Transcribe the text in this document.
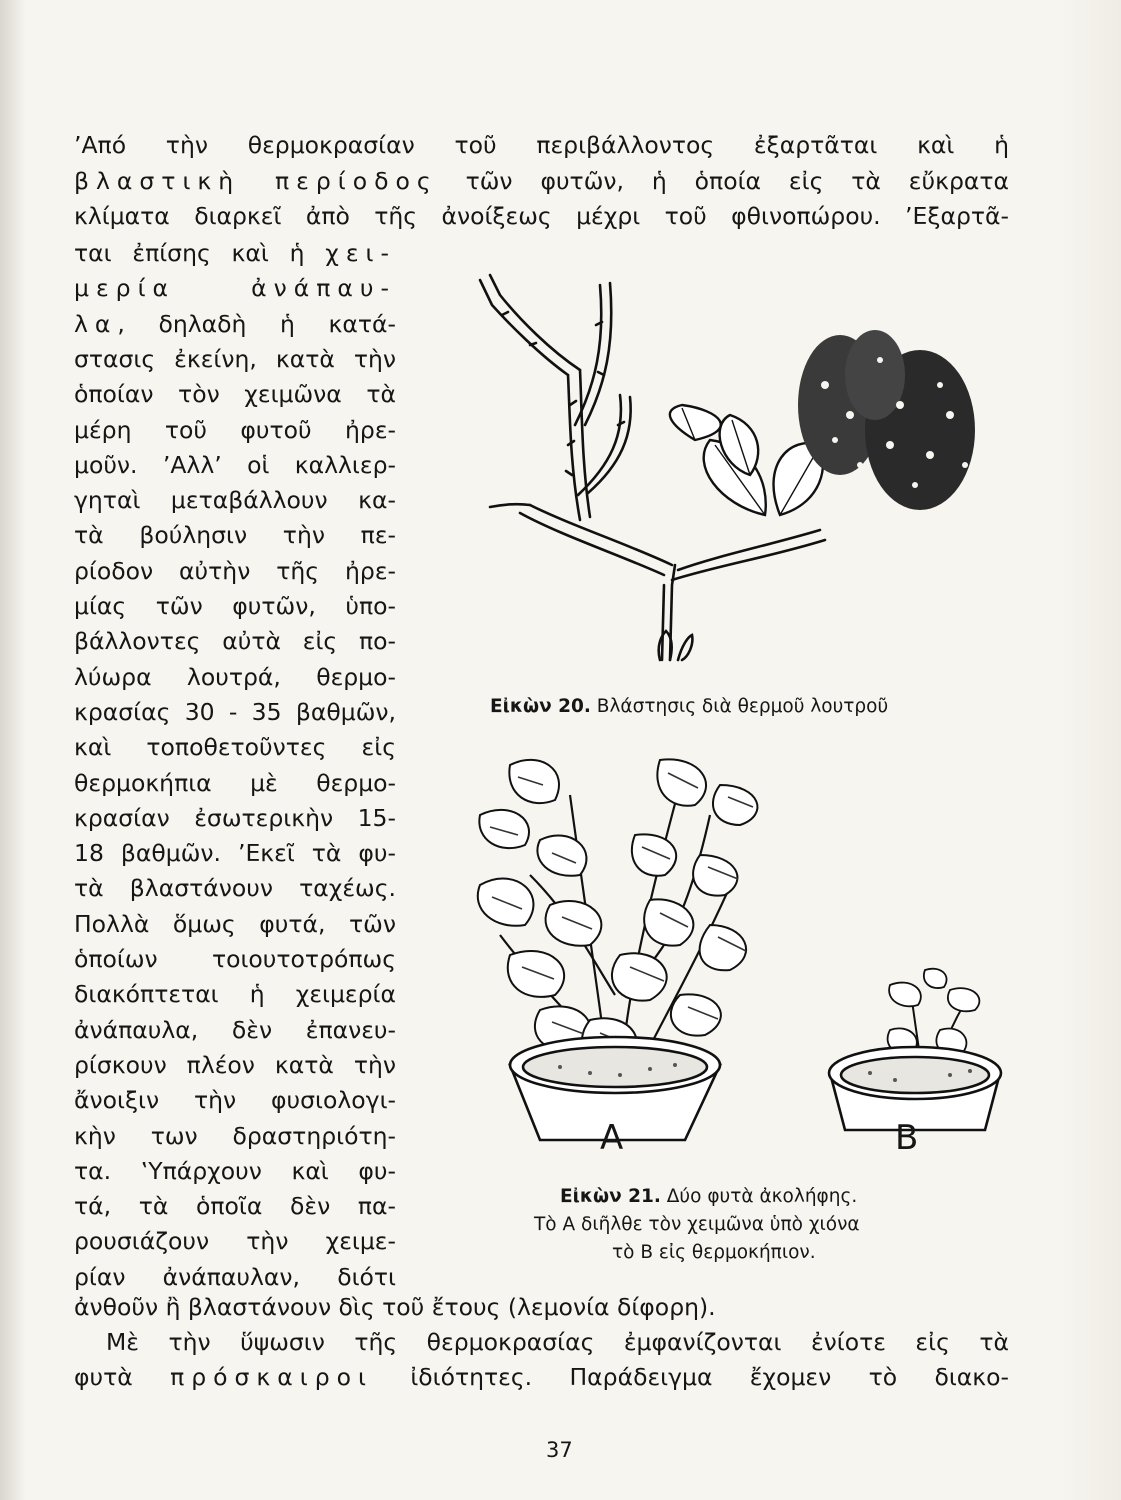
’Από τὴν θερμοκρασίαν τοῦ περιβάλλοντος ἐξαρτᾶται καὶ ἡ
βλαστικὴ περίοδος τῶν φυτῶν, ἡ ὁποία εἰς τὰ εὔκρατα
κλίματα διαρκεῖ ἀπὸ τῆς ἀνοίξεως μέχρι τοῦ φθινοπώρου. ’Εξαρτᾶ-
ται ἐπίσης καὶ ἡ χει-
μερία ἀνάπαυ-
λα, δηλαδὴ ἡ κατά-
στασις ἐκείνη, κατὰ τὴν
ὁποίαν τὸν χειμῶνα τὰ
μέρη τοῦ φυτοῦ ἠρε-
μοῦν. ’Αλλ’ οἱ καλλιερ-
γηταὶ μεταβάλλουν κα-
τὰ βούλησιν τὴν πε-
ρίοδον αὐτὴν τῆς ἠρε-
μίας τῶν φυτῶν, ὑπο-
βάλλοντες αὐτὰ εἰς πο-
λύωρα λουτρά, θερμο-
κρασίας 30 - 35 βαθμῶν,
καὶ τοποθετοῦντες εἰς
θερμοκήπια μὲ θερμο-
κρασίαν ἐσωτερικὴν 15-
18 βαθμῶν. ’Εκεῖ τὰ φυ-
τὰ βλαστάνουν ταχέως.
Πολλὰ ὅμως φυτά, τῶν
ὁποίων τοιουτοτρόπως
διακόπτεται ἡ χειμερία
ἀνάπαυλα, δὲν ἐπανευ-
ρίσκουν πλέον κατὰ τὴν
ἄνοιξιν τὴν φυσιολογι-
κὴν των δραστηριότη-
τα. ‛Υπάρχουν καὶ φυ-
τά, τὰ ὁποῖα δὲν πα-
ρουσιάζουν τὴν χειμε-
ρίαν ἀνάπαυλαν, διότι
ἀνθοῦν ἢ βλαστάνουν δὶς τοῦ ἔτους (λεμονία δίφορη).
Μὲ τὴν ὕψωσιν τῆς θερμοκρασίας ἐμφανίζονται ἐνίοτε εἰς τὰ
φυτὰ πρόσκαιροι ἰδιότητες. Παράδειγμα ἔχομεν τὸ διακο-
Εἰκὼν 20. Βλάστησις διὰ θερμοῦ λουτροῦ
Α	Β
Εἰκὼν 21. Δύο φυτὰ ἀκολήφης.
Τὸ Α διῆλθε τὸν χειμῶνα ὑπὸ χιόνα
τὸ Β εἰς θερμοκήπιον.
37
